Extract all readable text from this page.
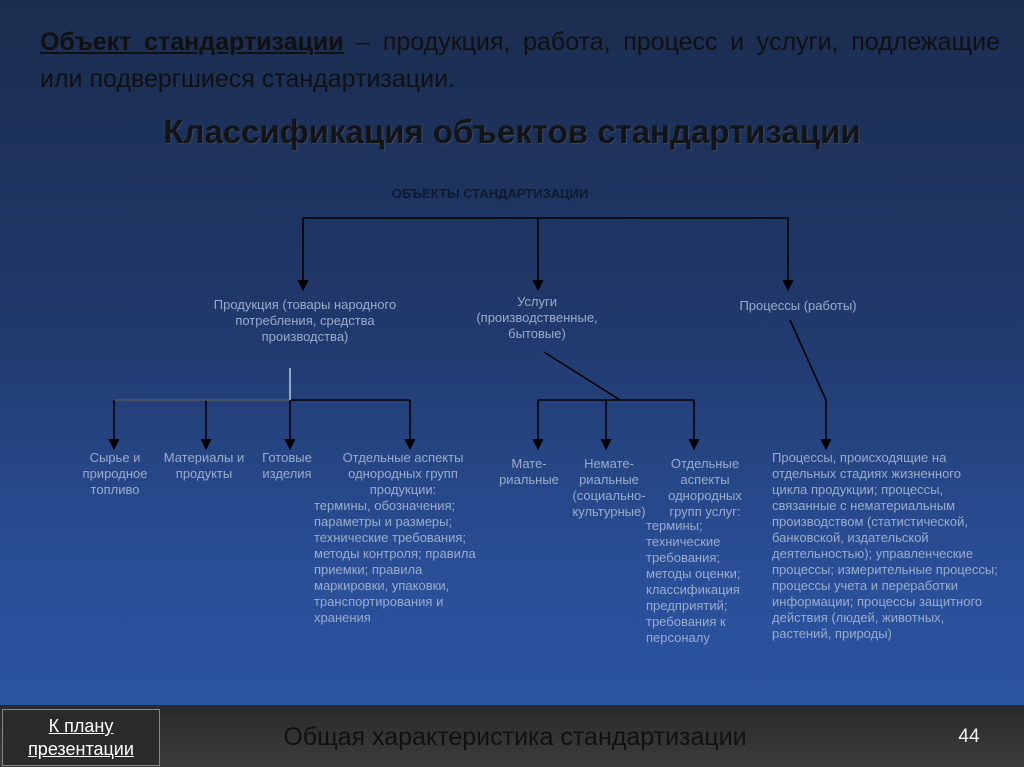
Объект стандартизации – продукция, работа, процесс и услуги, подлежащие или подвергшиеся стандартизации.
Классификация объектов стандартизации
ОБЪЕКТЫ СТАНДАРТИЗАЦИИ
Продукция (товары народного потребления, средства производства)
Услуги (производственные, бытовые)
Процессы (работы)
Сырье и природное топливо
Материалы и продукты
Готовые изделия
Отдельные аспекты однородных групп продукции:
термины, обозначения; параметры и размеры; технические требования; методы контроля; правила приемки; правила маркировки, упаковки, транспортирования и хранения
Мате-риальные
Немате-риальные (социально-культурные)
Отдельные аспекты однородных групп услуг:
термины; технические требования; методы оценки; классификация предприятий; требования к персоналу
Процессы, происходящие на отдельных стадиях жизненного цикла продукции; процессы, связанные с нематериальным производством (статистической, банковской, издательской деятельностью); управленческие процессы; измерительные процессы; процессы учета и переработки информации; процессы защитного действия (людей, животных, растений, природы)
К плану
презентации	Общая характеристика стандартизации	44
